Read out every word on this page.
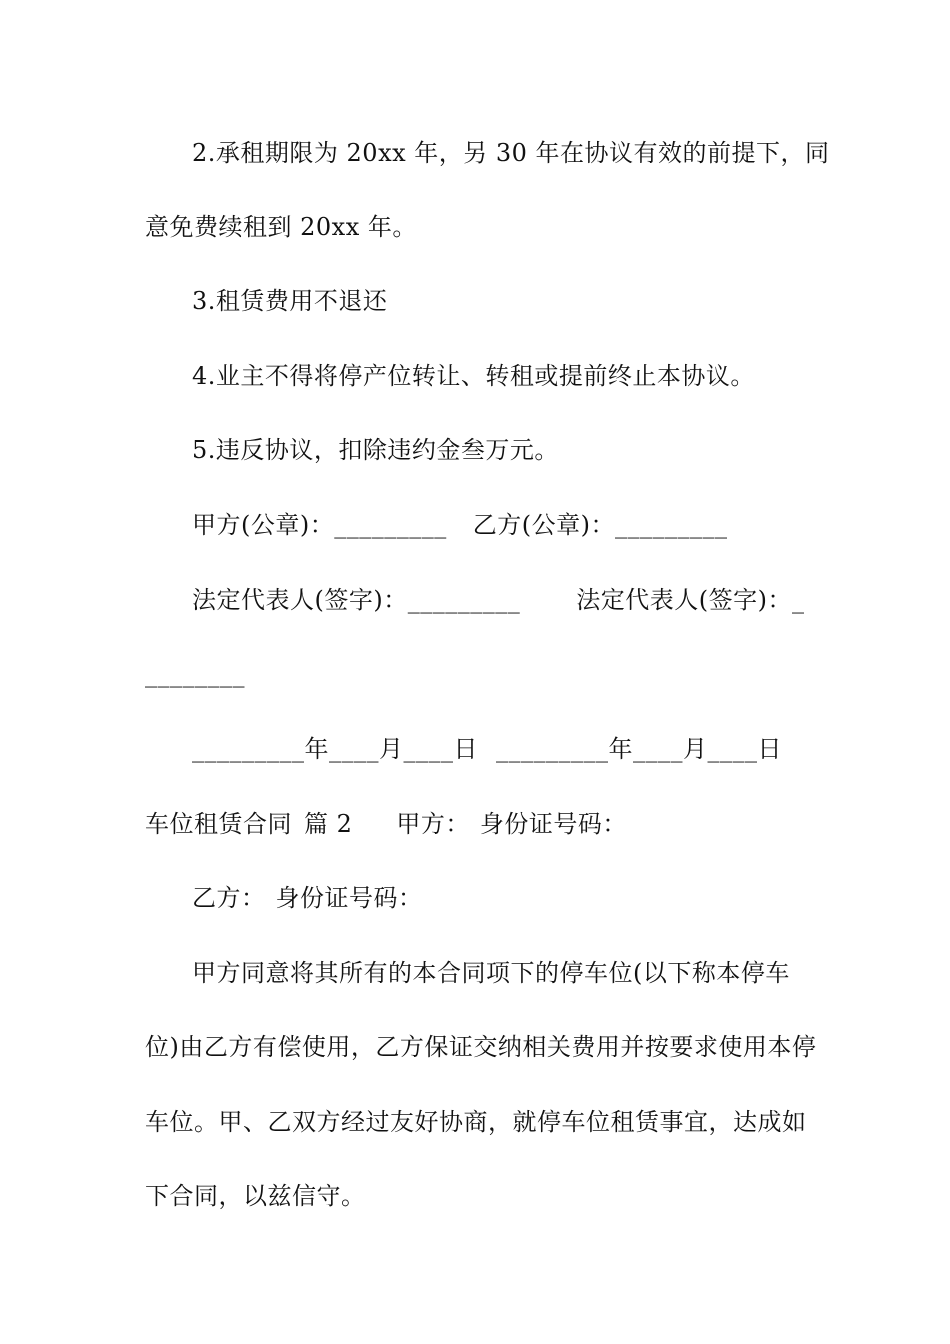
2.承租期限为 20xx 年，另 30 年在协议有效的前提下，同
意免费续租到 20xx 年。
3.租赁费用不退还
4.业主不得将停产位转让、转租或提前终止本协议。
5.违反协议，扣除违约金叁万元。
甲方(公章)：_________ 乙方(公章)：_________
法定代表人(签字)：_________ 法定代表人(签字)：_
________
_________年____月____日 _________年____月____日
车位租赁合同 篇 2 甲方： 身份证号码：
乙方： 身份证号码：
甲方同意将其所有的本合同项下的停车位(以下称本停车
位)由乙方有偿使用，乙方保证交纳相关费用并按要求使用本停
车位。甲、乙双方经过友好协商，就停车位租赁事宜，达成如
下合同，以兹信守。
